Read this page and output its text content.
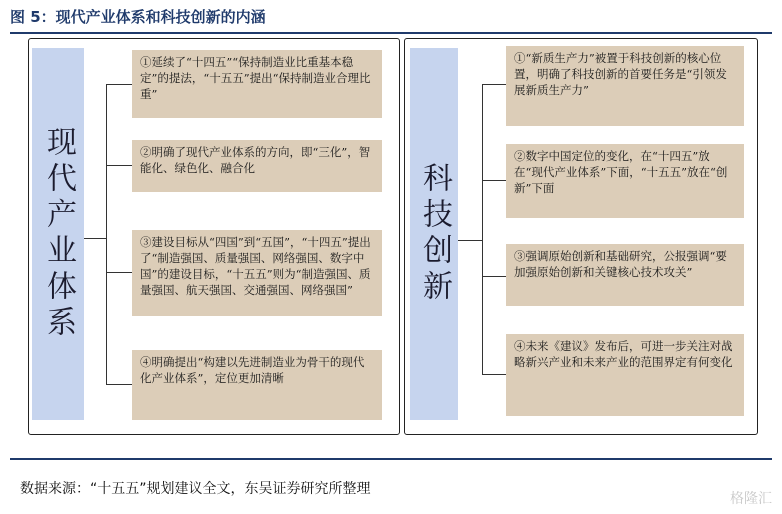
图 5：现代产业体系和科技创新的内涵
现代产业体系
①延续了“十四五”“保持制造业比重基本稳定”的提法，“十五五”提出“保持制造业合理比重”
②明确了现代产业体系的方向，即“三化”，智能化、绿色化、融合化
③建设目标从“四国”到“五国”，“十四五”提出了“制造强国、质量强国、网络强国、数字中国”的建设目标，“十五五”则为“制造强国、质量强国、航天强国、交通强国、网络强国”
④明确提出“构建以先进制造业为骨干的现代化产业体系”，定位更加清晰
科技创新
①“新质生产力”被置于科技创新的核心位置，明确了科技创新的首要任务是“引领发展新质生产力”
②数字中国定位的变化，在“十四五”放在“现代产业体系”下面，“十五五”放在“创新”下面
③强调原始创新和基础研究，公报强调“要加强原始创新和关键核心技术攻关”
④未来《建议》发布后，可进一步关注对战略新兴产业和未来产业的范围界定有何变化
数据来源：“十五五”规划建议全文，东吴证券研究所整理
格隆汇
